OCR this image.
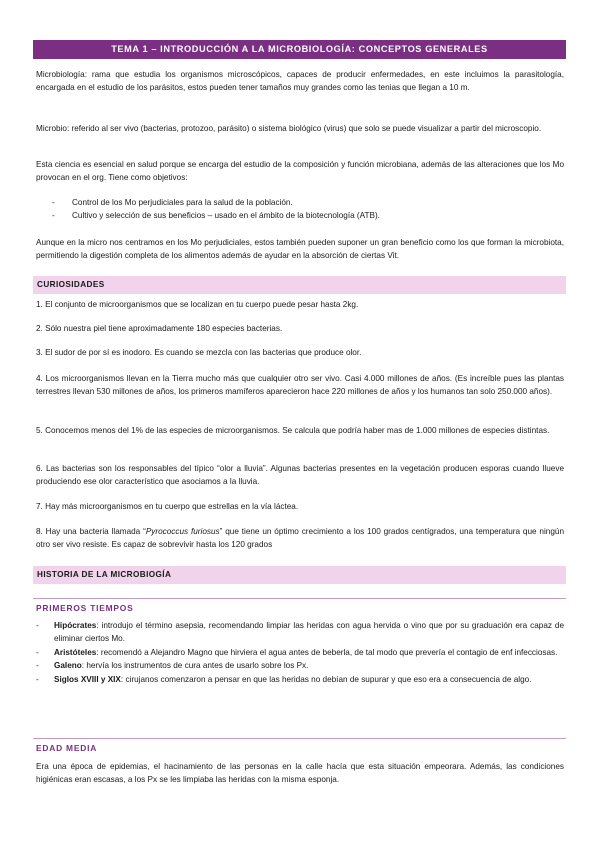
TEMA 1 – INTRODUCCIÓN A LA MICROBIOLOGÍA: CONCEPTOS GENERALES

Microbiología: rama que estudia los organismos microscópicos, capaces de producir enfermedades, en este incluimos la parasitología, encargada en el estudio de los parásitos, estos pueden tener tamaños muy grandes como las tenias que llegan a 10 m.

Microbio: referido al ser vivo (bacterias, protozoo, parásito) o sistema biológico (virus) que solo se puede visualizar a partir del microscopio.

Esta ciencia es esencial en salud porque se encarga del estudio de la composición y función microbiana, además de las alteraciones que los Mo provocan en el org. Tiene como objetivos:

- Control de los Mo perjudiciales para la salud de la población.
- Cultivo y selección de sus beneficios – usado en el ámbito de la biotecnología (ATB).

Aunque en la micro nos centramos en los Mo perjudiciales, estos también pueden suponer un gran beneficio como los que forman la microbiota, permitiendo la digestión completa de los alimentos además de ayudar en la absorción de ciertas Vit.

CURIOSIDADES

1. El conjunto de microorganismos que se localizan en tu cuerpo puede pesar hasta 2kg.

2. Sólo nuestra piel tiene aproximadamente 180 especies bacterias.

3. El sudor de por sí es inodoro. Es cuando se mezcla con las bacterias que produce olor.

4. Los microorganismos llevan en la Tierra mucho más que cualquier otro ser vivo. Casi 4.000 millones de años. (Es increíble pues las plantas terrestres llevan 530 millones de años, los primeros mamíferos aparecieron hace 220 millones de años y los humanos tan solo 250.000 años).

5. Conocemos menos del 1% de las especies de microorganismos. Se calcula que podría haber mas de 1.000 millones de especies distintas.

6. Las bacterias son los responsables del típico “olor a lluvia”. Algunas bacterias presentes en la vegetación producen esporas cuando llueve produciendo ese olor característico que asociamos a la lluvia.

7. Hay más microorganismos en tu cuerpo que estrellas en la vía láctea.

8. Hay una bacteria llamada “Pyrococcus furiosus” que tiene un óptimo crecimiento a los 100 grados centígrados, una temperatura que ningún otro ser vivo resiste. Es capaz de sobrevivir hasta los 120 grados

HISTORIA DE LA MICROBIOGÍA
PRIMEROS TIEMPOS
- Hipócrates: introdujo el término asepsia, recomendando limpiar las heridas con agua hervida o vino que por su graduación era capaz de eliminar ciertos Mo.
- Aristóteles: recomendó a Alejandro Magno que hirviera el agua antes de beberla, de tal modo que prevería el contagio de enf infecciosas.
- Galeno: hervía los instrumentos de cura antes de usarlo sobre los Px.
- Siglos XVIII y XIX: cirujanos comenzaron a pensar en que las heridas no debían de supurar y que eso era a consecuencia de algo.
EDAD MEDIA

Era una época de epidemias, el hacinamiento de las personas en la calle hacía que esta situación empeorara. Además, las condiciones higiénicas eran escasas, a los Px se les limpiaba las heridas con la misma esponja.
